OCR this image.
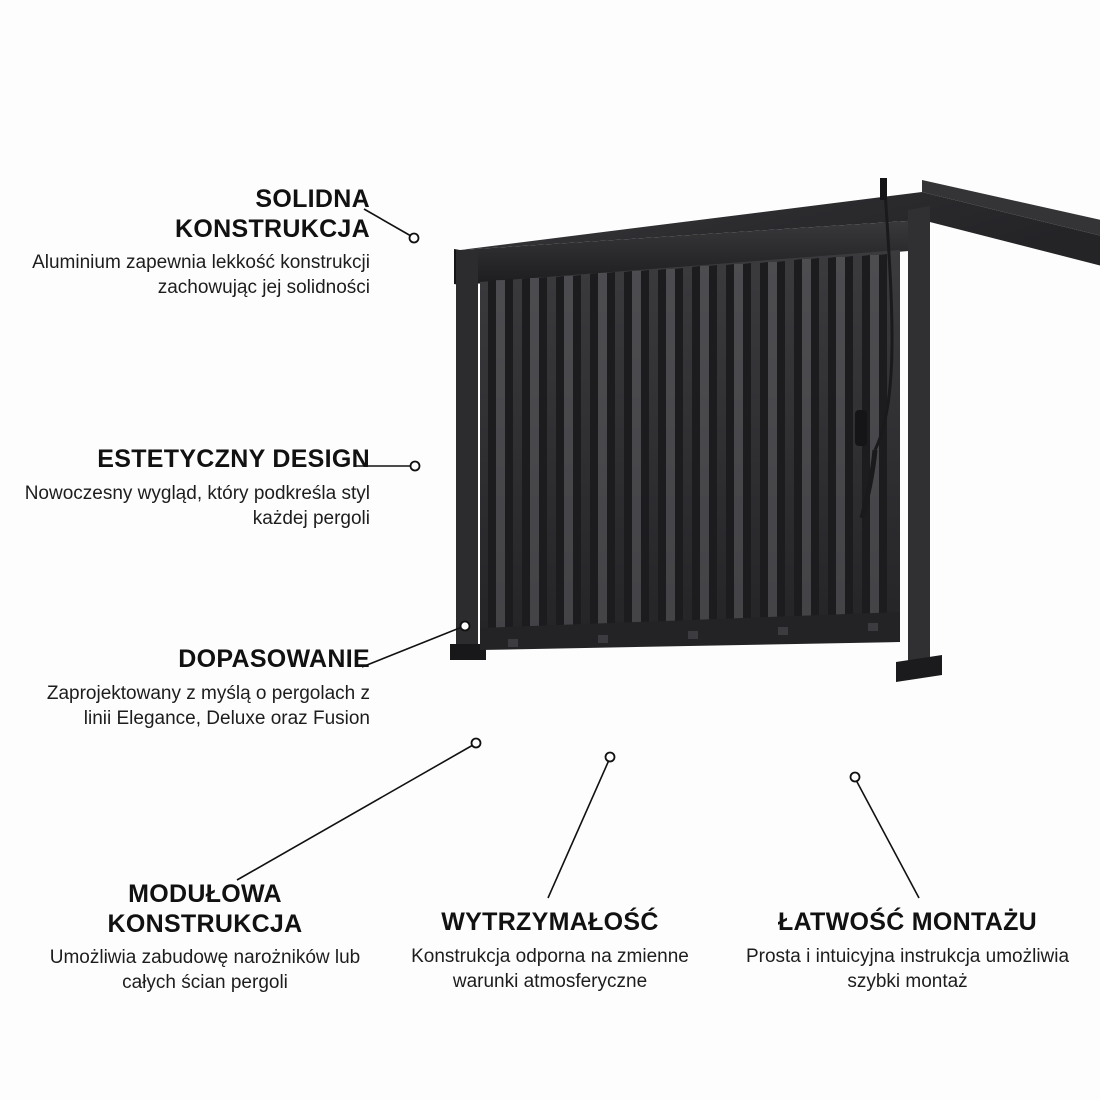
SOLIDNA
KONSTRUKCJA

Aluminium zapewnia lekkość konstrukcji zachowując jej solidności

ESTETYCZNY DESIGN

Nowoczesny wygląd, który podkreśla styl każdej pergoli

DOPASOWANIE

Zaprojektowany z myślą o pergolach z linii Elegance, Deluxe oraz Fusion

MODUŁOWA
KONSTRUKCJA

Umożliwia zabudowę narożników lub całych ścian pergoli

WYTRZYMAŁOŚĆ

Konstrukcja odporna na zmienne warunki atmosferyczne

ŁATWOŚĆ MONTAŻU

Prosta i intuicyjna instrukcja umożliwia szybki montaż
